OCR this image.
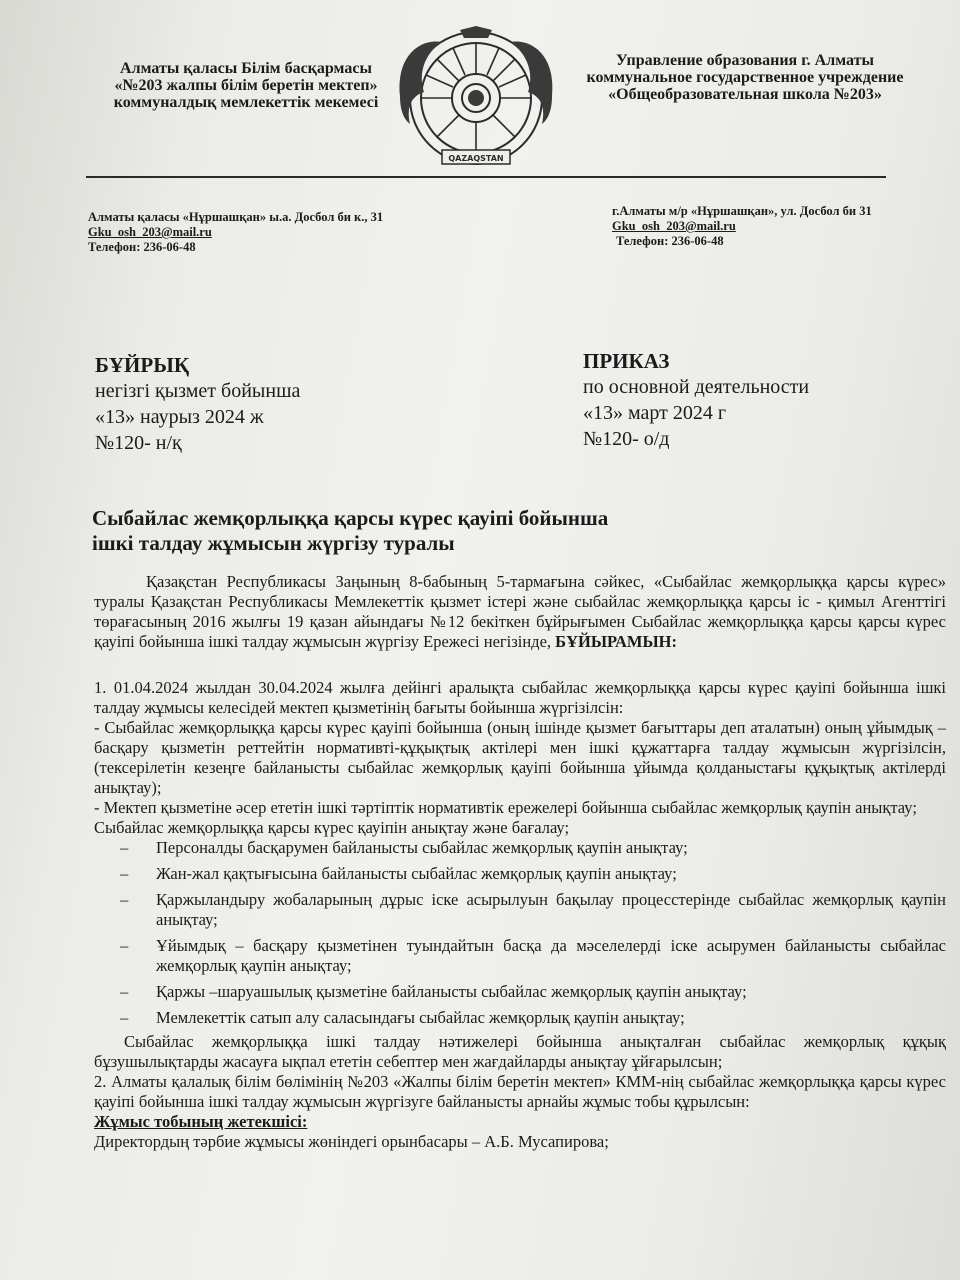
Алматы қаласы Білім басқармасы
«№203 жалпы білім беретін мектеп»
коммуналдық мемлекеттік мекемесі
QAZAQSTAN
Управление образования г. Алматы
коммунальное государственное учреждение
«Общеобразовательная школа №203»
Алматы қаласы «Нұршашқан» ы.а. Досбол би к., 31
Gku_osh_203@mail.ru
Телефон: 236-06-48
г.Алматы м/р «Нұршашқан», ул. Досбол би 31
Gku_osh_203@mail.ru
Телефон: 236-06-48
БҰЙРЫҚ
негізгі қызмет бойынша
«13» наурыз 2024 ж
№120- н/қ
ПРИКАЗ
по основной деятельности
«13» март 2024 г
№120- о/д
Сыбайлас жемқорлыққа қарсы күрес қауіпі бойынша
ішкі талдау жұмысын жүргізу туралы

Қазақстан Республикасы Заңының 8-бабының 5-тармағына сәйкес, «Сыбайлас жемқорлыққа қарсы күрес» туралы Қазақстан Республикасы Мемлекеттік қызмет істері және сыбайлас жемқорлыққа қарсы іс - қимыл Агенттігі төрағасының 2016 жылғы 19 қазан айындағы №12 бекіткен бұйрығымен Сыбайлас жемқорлыққа қарсы қарсы күрес қауіпі бойынша ішкі талдау жұмысын жүргізу Ережесі негізінде, БҰЙЫРАМЫН:

1. 01.04.2024 жылдан 30.04.2024 жылға дейінгі аралықта сыбайлас жемқорлыққа қарсы күрес қауіпі бойынша ішкі талдау жұмысы келесідей мектеп қызметінің бағыты бойынша жүргізілсін:

- Сыбайлас жемқорлыққа қарсы күрес қауіпі бойынша (оның ішінде қызмет бағыттары деп аталатын) оның ұйымдық – басқару қызметін реттейтін нормативті-құқықтық актілері мен ішкі құжаттарға талдау жұмысын жүргізілсін, (тексерілетін кезеңге байланысты сыбайлас жемқорлық қауіпі бойынша ұйымда қолданыстағы құқықтық актілерді анықтау);

- Мектеп қызметіне әсер ететін ішкі тәртіптік нормативтік ережелері бойынша сыбайлас жемқорлық қаупін анықтау;

Сыбайлас жемқорлыққа қарсы күрес қауіпін анықтау және бағалау;

–	Персоналды басқарумен байланысты сыбайлас жемқорлық қаупін анықтау;
–	Жан-жал қақтығысына байланысты сыбайлас жемқорлық қаупін анықтау;
–	Қаржыландыру жобаларының дұрыс іске асырылуын бақылау процесстерінде сыбайлас жемқорлық қаупін анықтау;
–	Ұйымдық – басқару қызметінен туындайтын басқа да мәселелерді іске асырумен байланысты сыбайлас жемқорлық қаупін анықтау;
–	Қаржы –шаруашылық қызметіне байланысты сыбайлас жемқорлық қаупін анықтау;
–	Мемлекеттік сатып алу саласындағы сыбайлас жемқорлық қаупін анықтау;

Сыбайлас жемқорлыққа ішкі талдау нәтижелері бойынша анықталған сыбайлас жемқорлық құқық бұзушылықтарды жасауға ықпал ететін себептер мен жағдайларды анықтау ұйғарылсын;

2. Алматы қалалық білім бөлімінің №203 «Жалпы білім беретін мектеп» КММ-нің сыбайлас жемқорлыққа қарсы күрес қауіпі бойынша ішкі талдау жұмысын жүргізуге байланысты арнайы жұмыс тобы құрылсын:

Жұмыс тобының жетекшісі:

Директордың тәрбие жұмысы жөніндегі орынбасары – А.Б. Мусапирова;
